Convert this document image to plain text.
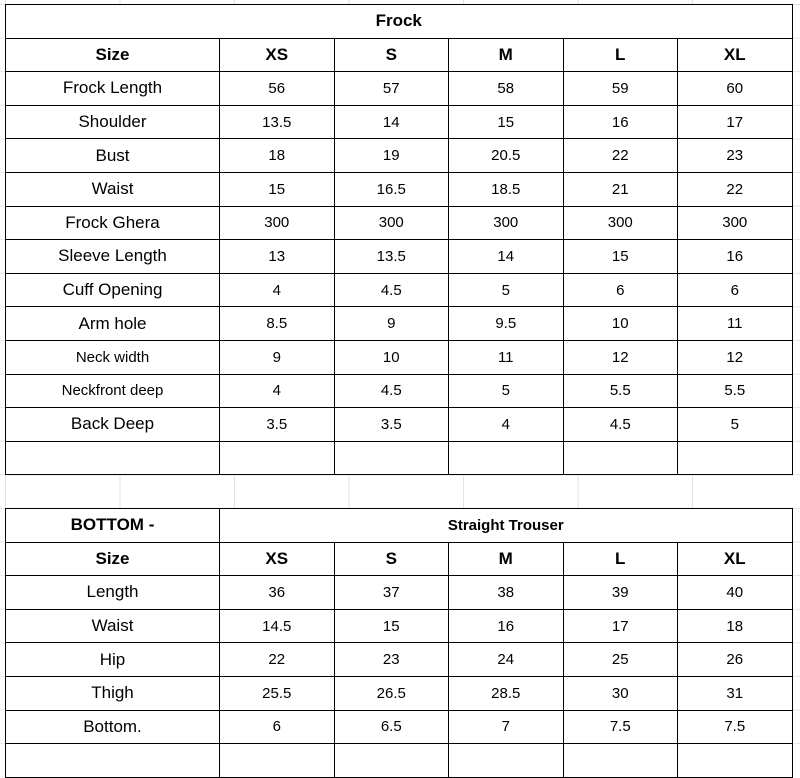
Frock					
Size	XS	S	M	L	XL
Frock Length	56	57	58	59	60
Shoulder	13.5	14	15	16	17
Bust	18	19	20.5	22	23
Waist	15	16.5	18.5	21	22
Frock Ghera	300	300	300	300	300
Sleeve Length	13	13.5	14	15	16
Cuff Opening	4	4.5	5	6	6
Arm hole	8.5	9	9.5	10	11
Neck width	9	10	11	12	12
Neckfront deep	4	4.5	5	5.5	5.5
Back Deep	3.5	3.5	4	4.5	5

BOTTOM -	Straight Trouser				
Size	XS	S	M	L	XL
Length	36	37	38	39	40
Waist	14.5	15	16	17	18
Hip	22	23	24	25	26
Thigh	25.5	26.5	28.5	30	31
Bottom.	6	6.5	7	7.5	7.5
